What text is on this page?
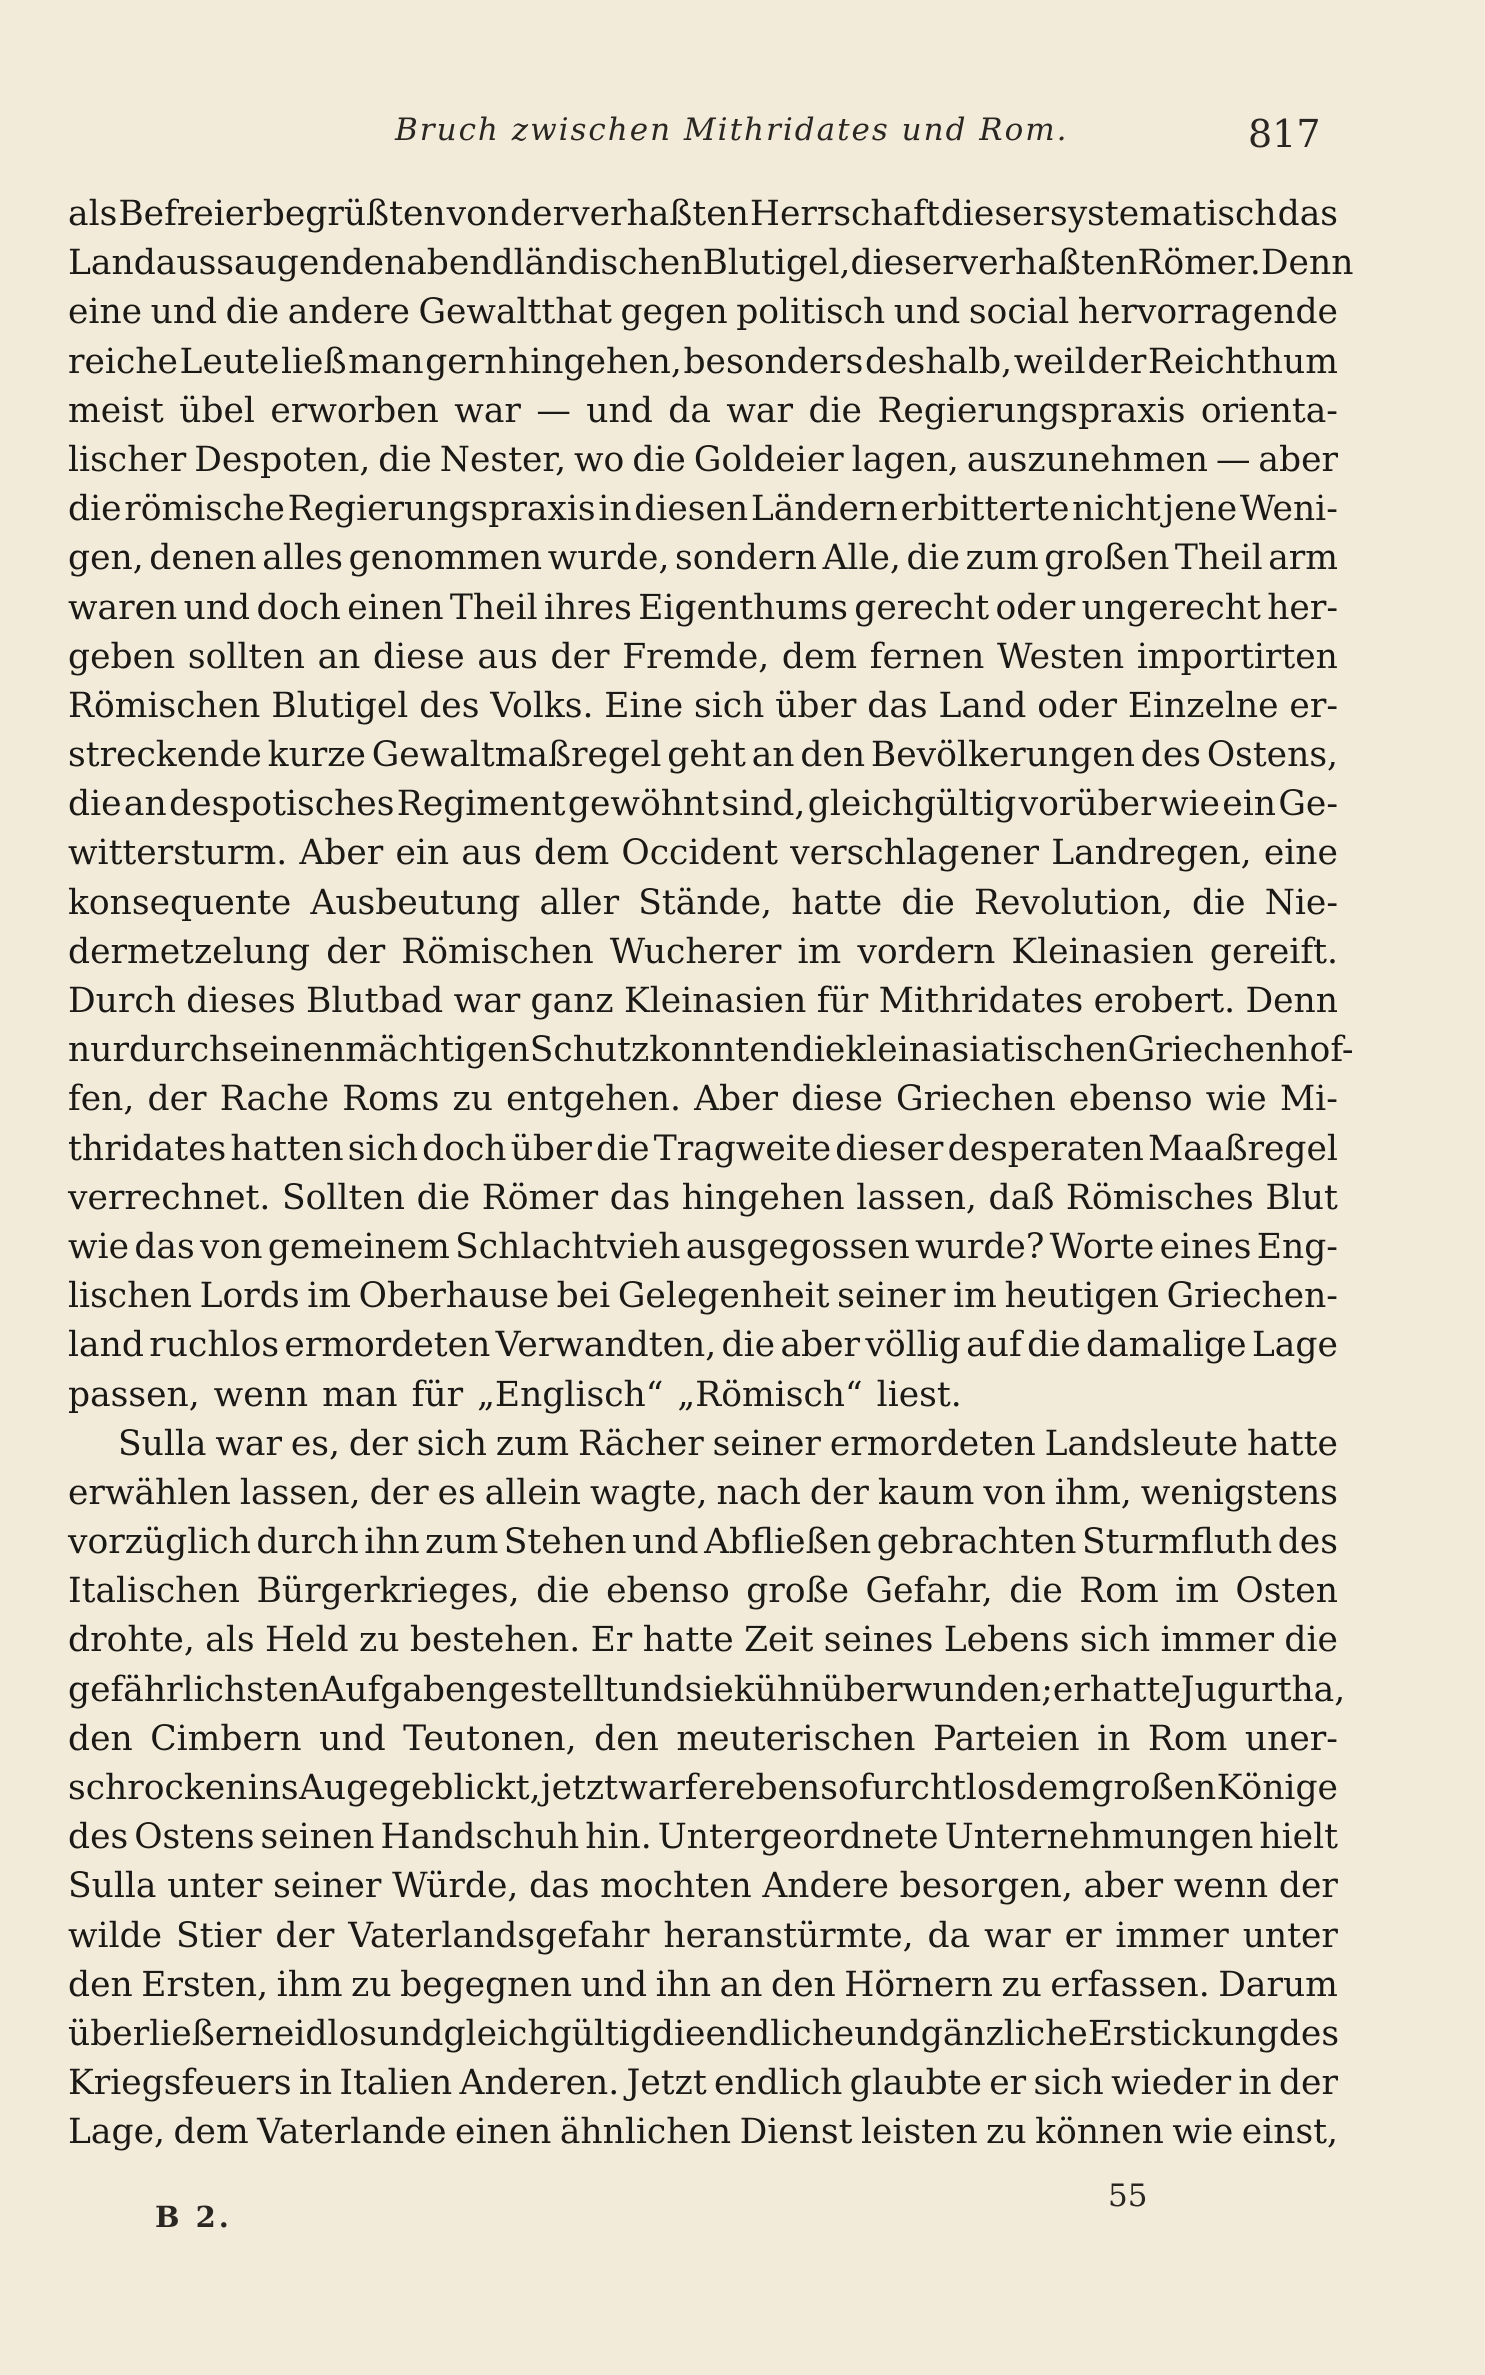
Bruch zwischen Mithridates und Rom.	817
als Befreier begrüßten von der verhaßten Herrschaft dieser systematisch das
Land aussaugenden abendländischen Blutigel, dieser verhaßten Römer. Denn
eine und die andere Gewaltthat gegen politisch und social hervorragende
reiche Leute ließ man gern hingehen, besonders deshalb, weil der Reichthum
meist übel erworben war — und da war die Regierungspraxis orienta-
lischer Despoten, die Nester, wo die Goldeier lagen, auszunehmen — aber
die römische Regierungspraxis in diesen Ländern erbitterte nicht jene Weni-
gen, denen alles genommen wurde, sondern Alle, die zum großen Theil arm
waren und doch einen Theil ihres Eigenthums gerecht oder ungerecht her-
geben sollten an diese aus der Fremde, dem fernen Westen importirten
Römischen Blutigel des Volks. Eine sich über das Land oder Einzelne er-
streckende kurze Gewaltmaßregel geht an den Bevölkerungen des Ostens,
die an despotisches Regiment gewöhnt sind, gleichgültig vorüber wie ein Ge-
wittersturm. Aber ein aus dem Occident verschlagener Landregen, eine
konsequente Ausbeutung aller Stände, hatte die Revolution, die Nie-
dermetzelung der Römischen Wucherer im vordern Kleinasien gereift.
Durch dieses Blutbad war ganz Kleinasien für Mithridates erobert. Denn
nur durch seinen mächtigen Schutz konnten die kleinasiatischen Griechen hof-
fen, der Rache Roms zu entgehen. Aber diese Griechen ebenso wie Mi-
thridates hatten sich doch über die Tragweite dieser desperaten Maaßregel
verrechnet. Sollten die Römer das hingehen lassen, daß Römisches Blut
wie das von gemeinem Schlachtvieh ausgegossen wurde? Worte eines Eng-
lischen Lords im Oberhause bei Gelegenheit seiner im heutigen Griechen-
land ruchlos ermordeten Verwandten, die aber völlig auf die damalige Lage
passen, wenn man für „Englisch“ „Römisch“ liest.
Sulla war es, der sich zum Rächer seiner ermordeten Landsleute hatte
erwählen lassen, der es allein wagte, nach der kaum von ihm, wenigstens
vorzüglich durch ihn zum Stehen und Abfließen gebrachten Sturmfluth des
Italischen Bürgerkrieges, die ebenso große Gefahr, die Rom im Osten
drohte, als Held zu bestehen. Er hatte Zeit seines Lebens sich immer die
gefährlichsten Aufgaben gestellt und sie kühn überwunden; er hatte Jugurtha,
den Cimbern und Teutonen, den meuterischen Parteien in Rom uner-
schrocken ins Auge geblickt, jetzt warf er ebenso furchtlos dem großen Könige
des Ostens seinen Handschuh hin. Untergeordnete Unternehmungen hielt
Sulla unter seiner Würde, das mochten Andere besorgen, aber wenn der
wilde Stier der Vaterlandsgefahr heranstürmte, da war er immer unter
den Ersten, ihm zu begegnen und ihn an den Hörnern zu erfassen. Darum
überließ er neidlos und gleichgültig die endliche und gänzliche Erstickung des
Kriegsfeuers in Italien Anderen. Jetzt endlich glaubte er sich wieder in der
Lage, dem Vaterlande einen ähnlichen Dienst leisten zu können wie einst,
B 2.
55
